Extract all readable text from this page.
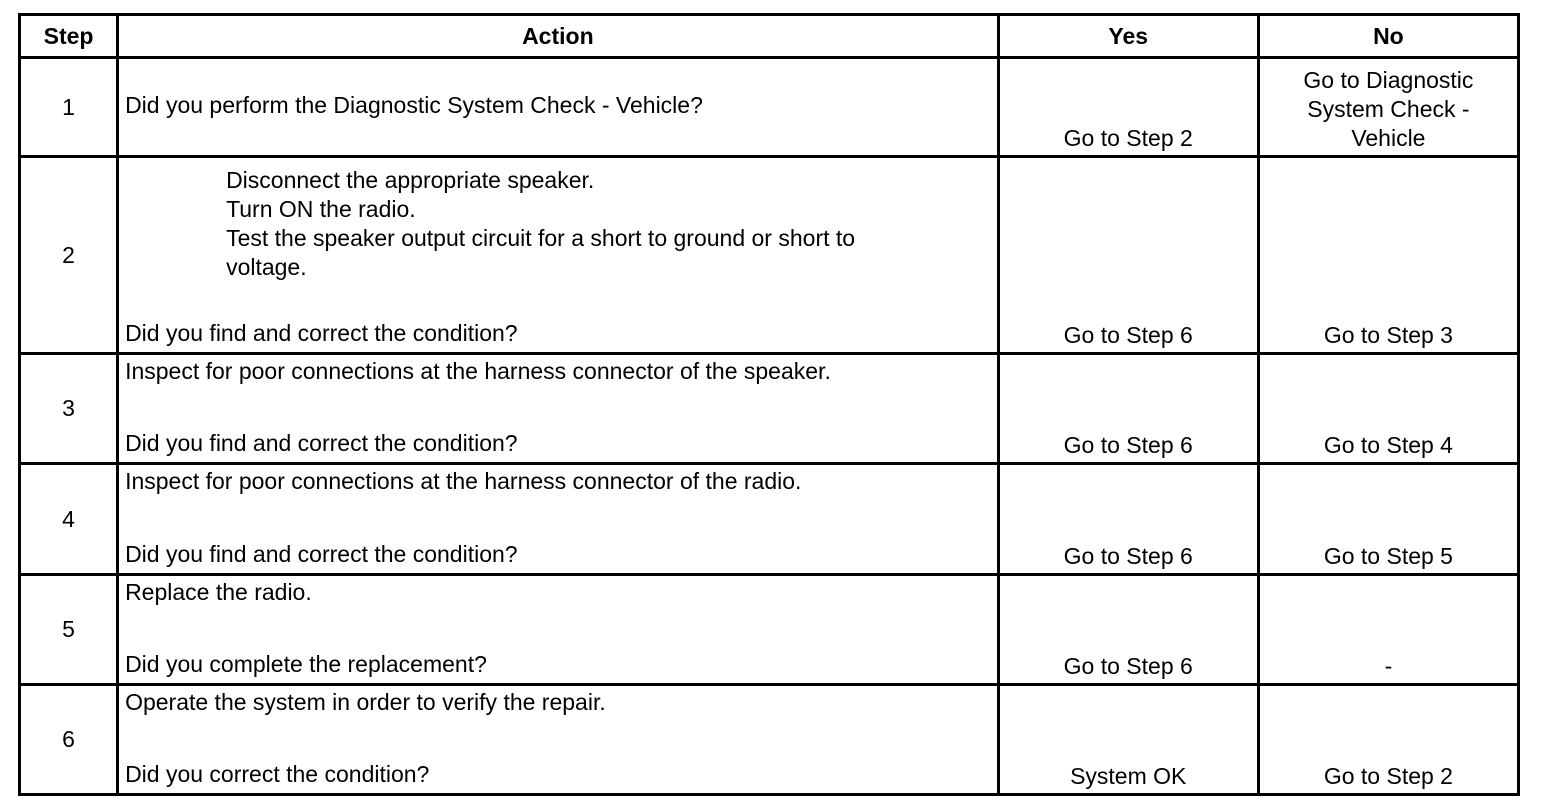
Step	Action	Yes	No
1	Did you perform the Diagnostic System Check - Vehicle?	Go to Step 2	Go to Diagnostic System Check - Vehicle

2	Disconnect the appropriate speaker.
Turn ON the radio.
Test the speaker output circuit for a short to ground or short to voltage.
Did you find and correct the condition?	Go to Step 6	Go to Step 3
3	Inspect for poor connections at the harness connector of the speaker.
Did you find and correct the condition?	Go to Step 6	Go to Step 4
4	Inspect for poor connections at the harness connector of the radio.
Did you find and correct the condition?	Go to Step 6	Go to Step 5
5	Replace the radio.
Did you complete the replacement?	Go to Step 6	-
6	Operate the system in order to verify the repair.
Did you correct the condition?	System OK	Go to Step 2
